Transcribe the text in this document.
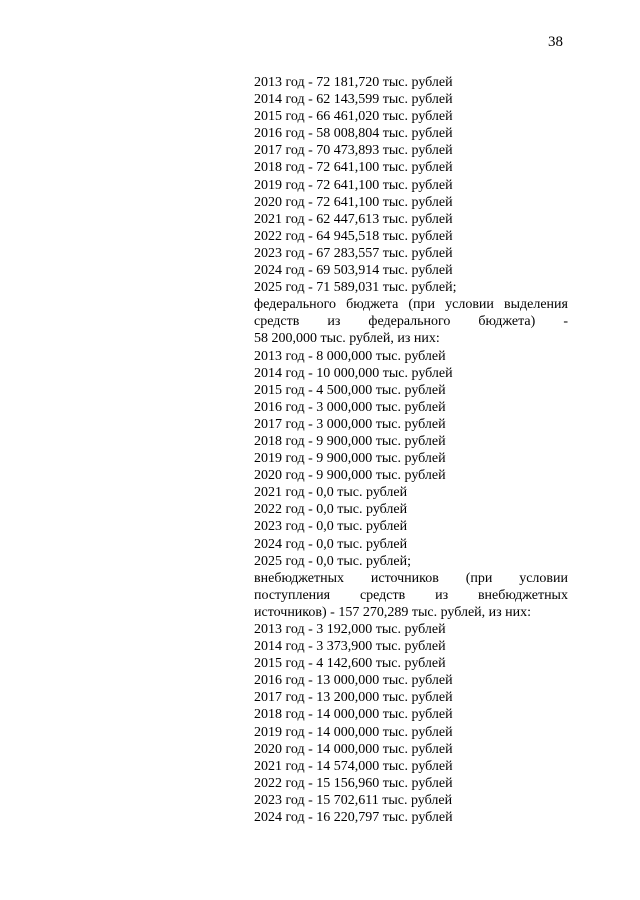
38
2013 год - 72 181,720 тыс. рублей
2014 год - 62 143,599 тыс. рублей
2015 год - 66 461,020 тыс. рублей
2016 год - 58 008,804 тыс. рублей
2017 год - 70 473,893 тыс. рублей
2018 год - 72 641,100 тыс. рублей
2019 год - 72 641,100 тыс. рублей
2020 год - 72 641,100 тыс. рублей
2021 год - 62 447,613 тыс. рублей
2022 год - 64 945,518 тыс. рублей
2023 год - 67 283,557 тыс. рублей
2024 год - 69 503,914 тыс. рублей
2025 год - 71 589,031 тыс. рублей;
федерального бюджета (при условии выделения
средств из федерального бюджета) -
58 200,000 тыс. рублей, из них:
2013 год - 8 000,000 тыс. рублей
2014 год - 10 000,000 тыс. рублей
2015 год - 4 500,000 тыс. рублей
2016 год - 3 000,000 тыс. рублей
2017 год - 3 000,000 тыс. рублей
2018 год - 9 900,000 тыс. рублей
2019 год - 9 900,000 тыс. рублей
2020 год - 9 900,000 тыс. рублей
2021 год - 0,0 тыс. рублей
2022 год - 0,0 тыс. рублей
2023 год - 0,0 тыс. рублей
2024 год - 0,0 тыс. рублей
2025 год - 0,0 тыс. рублей;
внебюджетных источников (при условии
поступления средств из внебюджетных
источников) - 157 270,289 тыс. рублей, из них:
2013 год - 3 192,000 тыс. рублей
2014 год - 3 373,900 тыс. рублей
2015 год - 4 142,600 тыс. рублей
2016 год - 13 000,000 тыс. рублей
2017 год - 13 200,000 тыс. рублей
2018 год - 14 000,000 тыс. рублей
2019 год - 14 000,000 тыс. рублей
2020 год - 14 000,000 тыс. рублей
2021 год - 14 574,000 тыс. рублей
2022 год - 15 156,960 тыс. рублей
2023 год - 15 702,611 тыс. рублей
2024 год - 16 220,797 тыс. рублей
